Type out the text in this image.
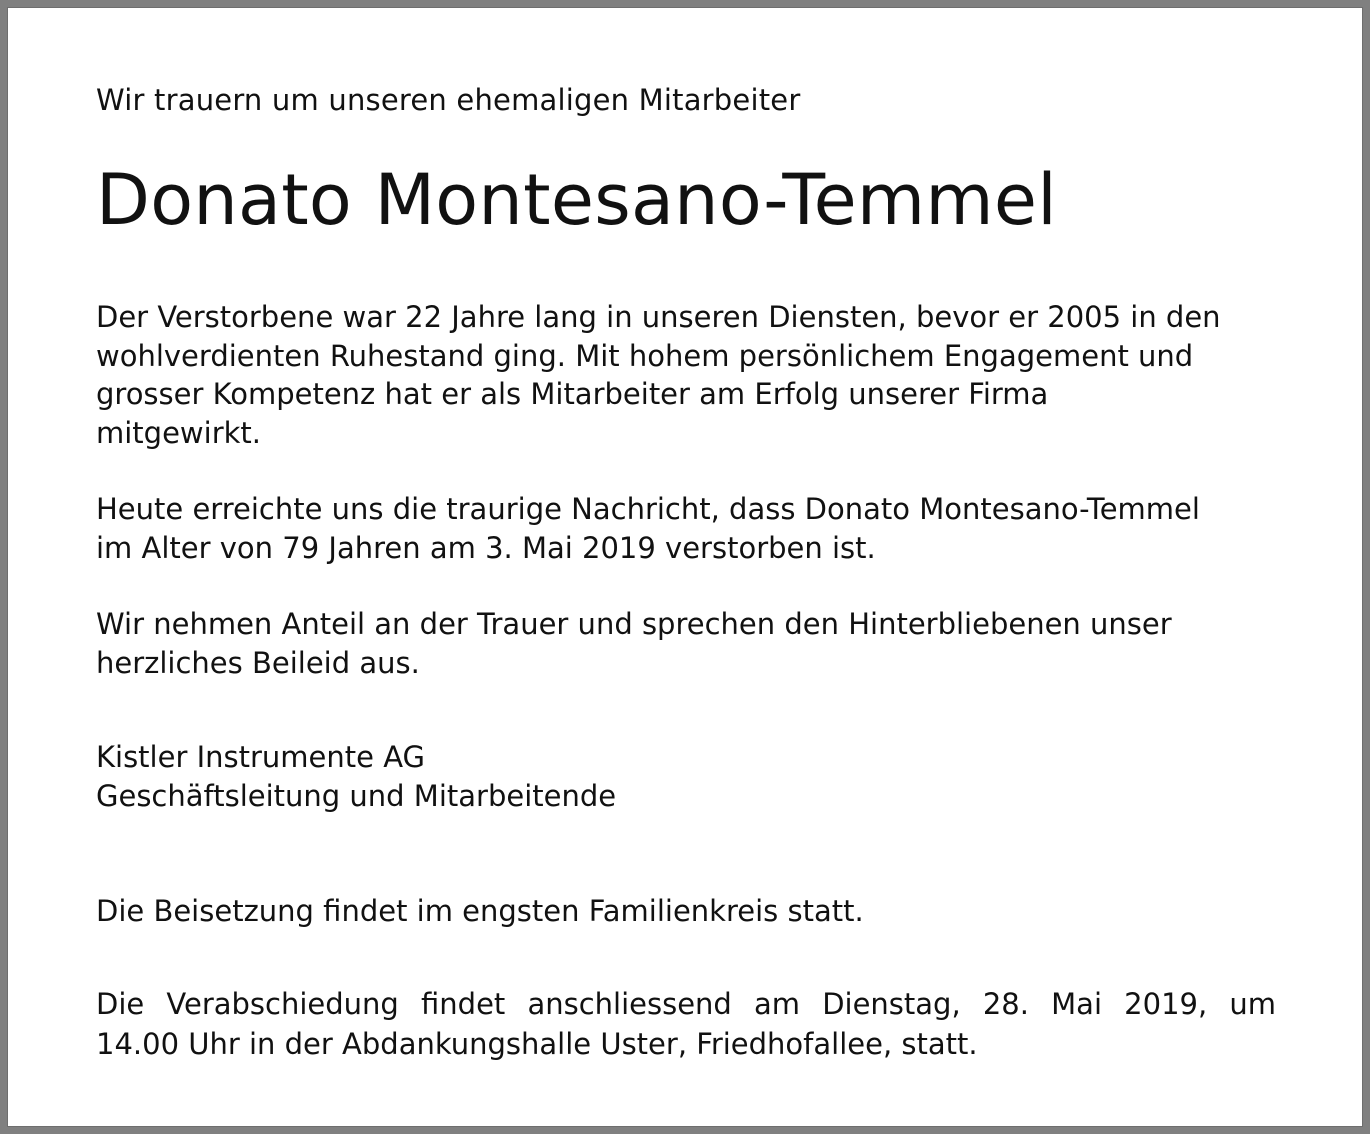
Wir trauern um unseren ehemaligen Mitarbeiter

Donato Montesano-Temmel
Der Verstorbene war 22 Jahre lang in unseren Diensten, bevor er 2005 in den
wohlverdienten Ruhestand ging. Mit hohem persönlichem Engagement und
grosser Kompetenz hat er als Mitarbeiter am Erfolg unserer Firma
mitgewirkt.
Heute erreichte uns die traurige Nachricht, dass Donato Montesano-Temmel
im Alter von 79 Jahren am 3. Mai 2019 verstorben ist.
Wir nehmen Anteil an der Trauer und sprechen den Hinterbliebenen unser
herzliches Beileid aus.
Kistler Instrumente AG
Geschäftsleitung und Mitarbeitende

Die Beisetzung findet im engsten Familienkreis statt.

Die Verabschiedung findet anschliessend am Dienstag, 28. Mai 2019, um
14.00 Uhr in der Abdankungshalle Uster, Friedhofallee, statt.
